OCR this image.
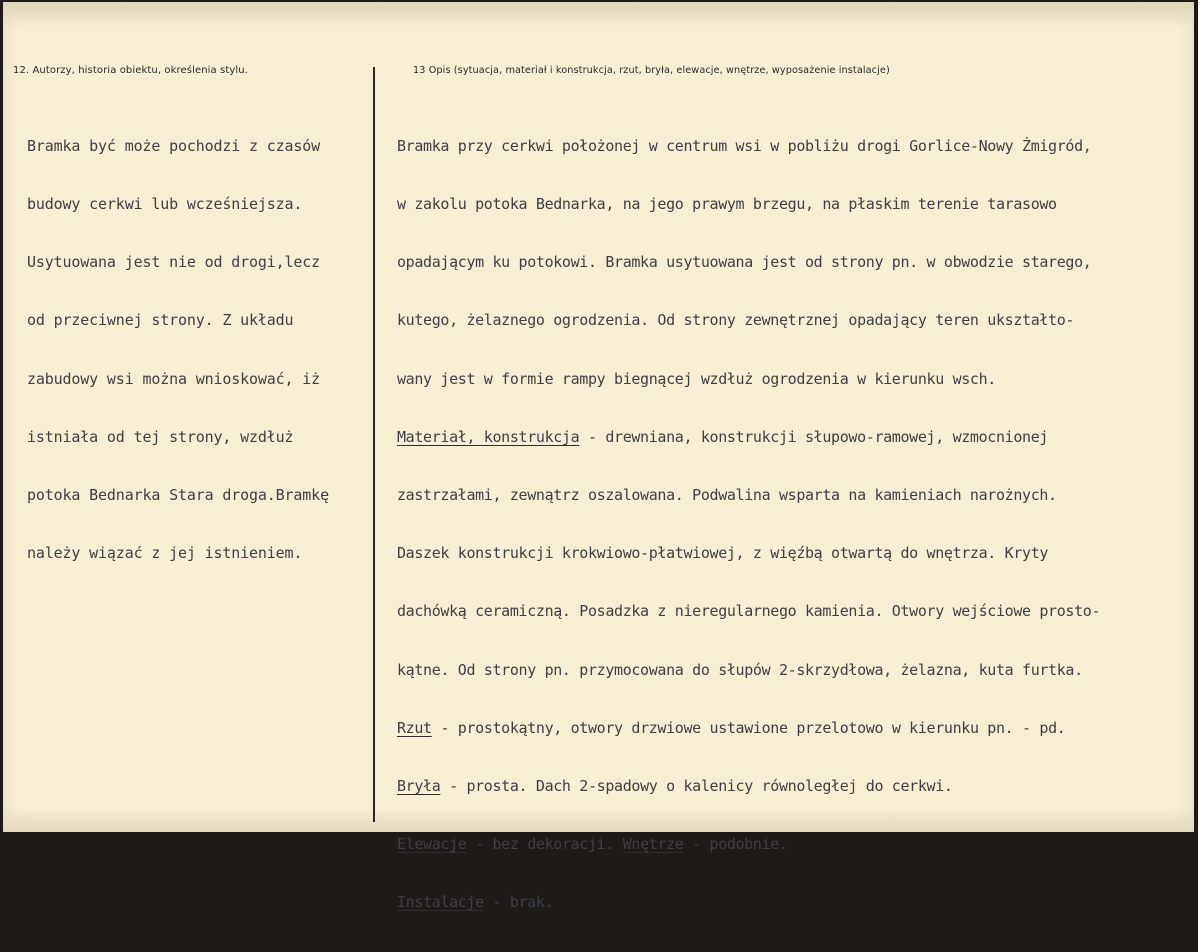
12. Autorzy, historia obiektu, określenia stylu.	13 Opis (sytuacja, materiał i konstrukcja, rzut, bryła, elewacje, wnętrze, wyposażenie instalacje)

Bramka być może pochodzi z czasów

budowy cerkwi lub wcześniejsza.

Usytuowana jest nie od drogi,lecz

od przeciwnej strony. Z układu

zabudowy wsi można wnioskować, iż

istniała od tej strony, wzdłuż

potoka Bednarka Stara droga.Bramkę

należy wiązać z jej istnieniem.

Bramka przy cerkwi położonej w centrum wsi w pobliżu drogi Gorlice-Nowy Żmigród,

w zakolu potoka Bednarka, na jego prawym brzegu, na płaskim terenie tarasowo

opadającym ku potokowi. Bramka usytuowana jest od strony pn. w obwodzie starego,

kutego, żelaznego ogrodzenia. Od strony zewnętrznej opadający teren ukształto-

wany jest w formie rampy biegnącej wzdłuż ogrodzenia w kierunku wsch.

Materiał, konstrukcja - drewniana, konstrukcji słupowo-ramowej, wzmocnionej

zastrzałami, zewnątrz oszalowana. Podwalina wsparta na kamieniach narożnych.

Daszek konstrukcji krokwiowo-płatwiowej, z więźbą otwartą do wnętrza. Kryty

dachówką ceramiczną. Posadzka z nieregularnego kamienia. Otwory wejściowe prosto-

kątne. Od strony pn. przymocowana do słupów 2-skrzydłowa, żelazna, kuta furtka.

Rzut - prostokątny, otwory drzwiowe ustawione przelotowo w kierunku pn. - pd.

Bryła - prosta. Dach 2-spadowy o kalenicy równoległej do cerkwi.

Elewacje - bez dekoracji. Wnętrze - podobnie.

Instalacje - brak.
